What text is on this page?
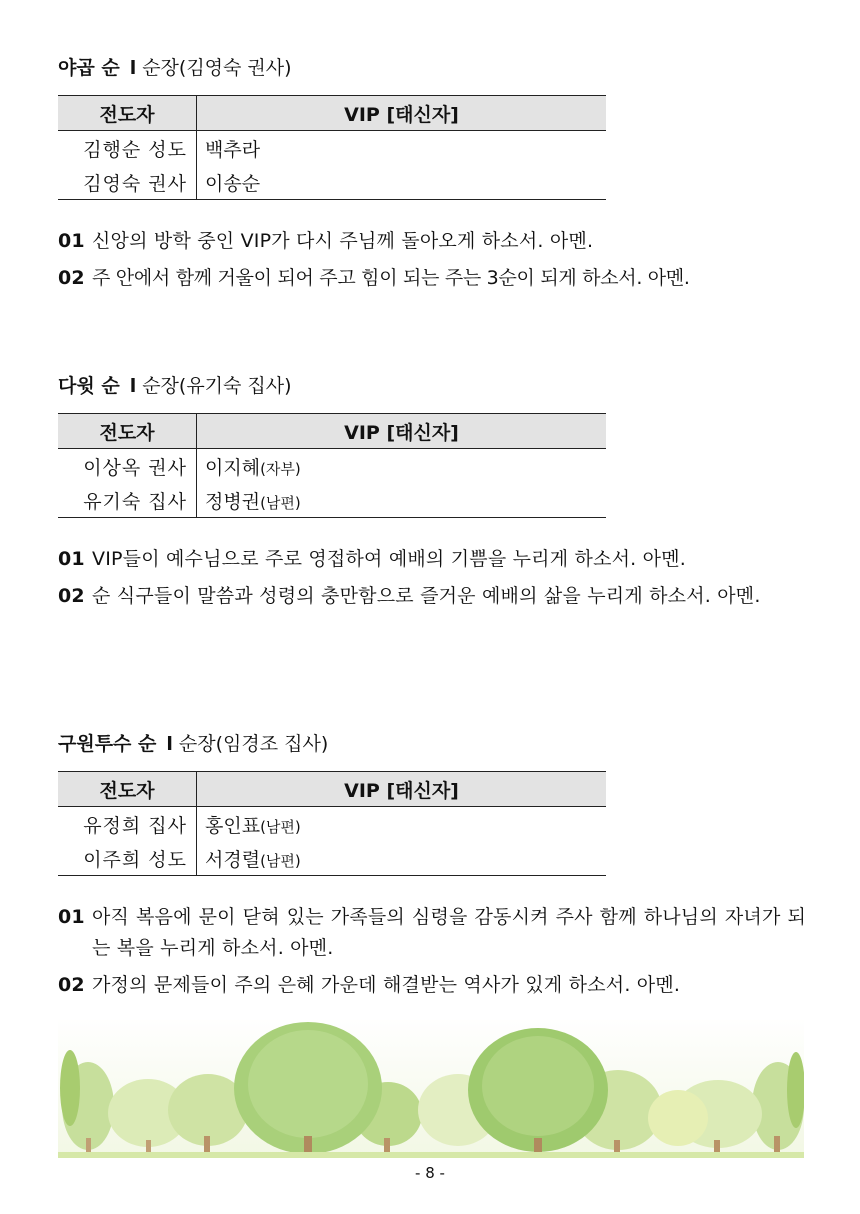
야곱 순 l 순장(김영숙 권사)
전도자	VIP [태신자]
김행순 성도	백추라
김영숙 권사	이송순
01 신앙의 방학 중인 VIP가 다시 주님께 돌아오게 하소서. 아멘.
02 주 안에서 함께 거울이 되어 주고 힘이 되는 주는 3순이 되게 하소서. 아멘.
다윗 순 l 순장(유기숙 집사)
전도자	VIP [태신자]
이상옥 권사	이지혜(자부)
유기숙 집사	정병권(남편)
01 VIP들이 예수님으로 주로 영접하여 예배의 기쁨을 누리게 하소서. 아멘.
02 순 식구들이 말씀과 성령의 충만함으로 즐거운 예배의 삶을 누리게 하소서. 아멘.
구원투수 순 l 순장(임경조 집사)
전도자	VIP [태신자]
유정희 집사	홍인표(남편)
이주희 성도	서경렬(남편)
01 아직 복음에 문이 닫혀 있는 가족들의 심령을 감동시켜 주사 함께 하나님의 자녀가 되는 복을 누리게 하소서. 아멘.
02 가정의 문제들이 주의 은혜 가운데 해결받는 역사가 있게 하소서. 아멘.
- 8 -
